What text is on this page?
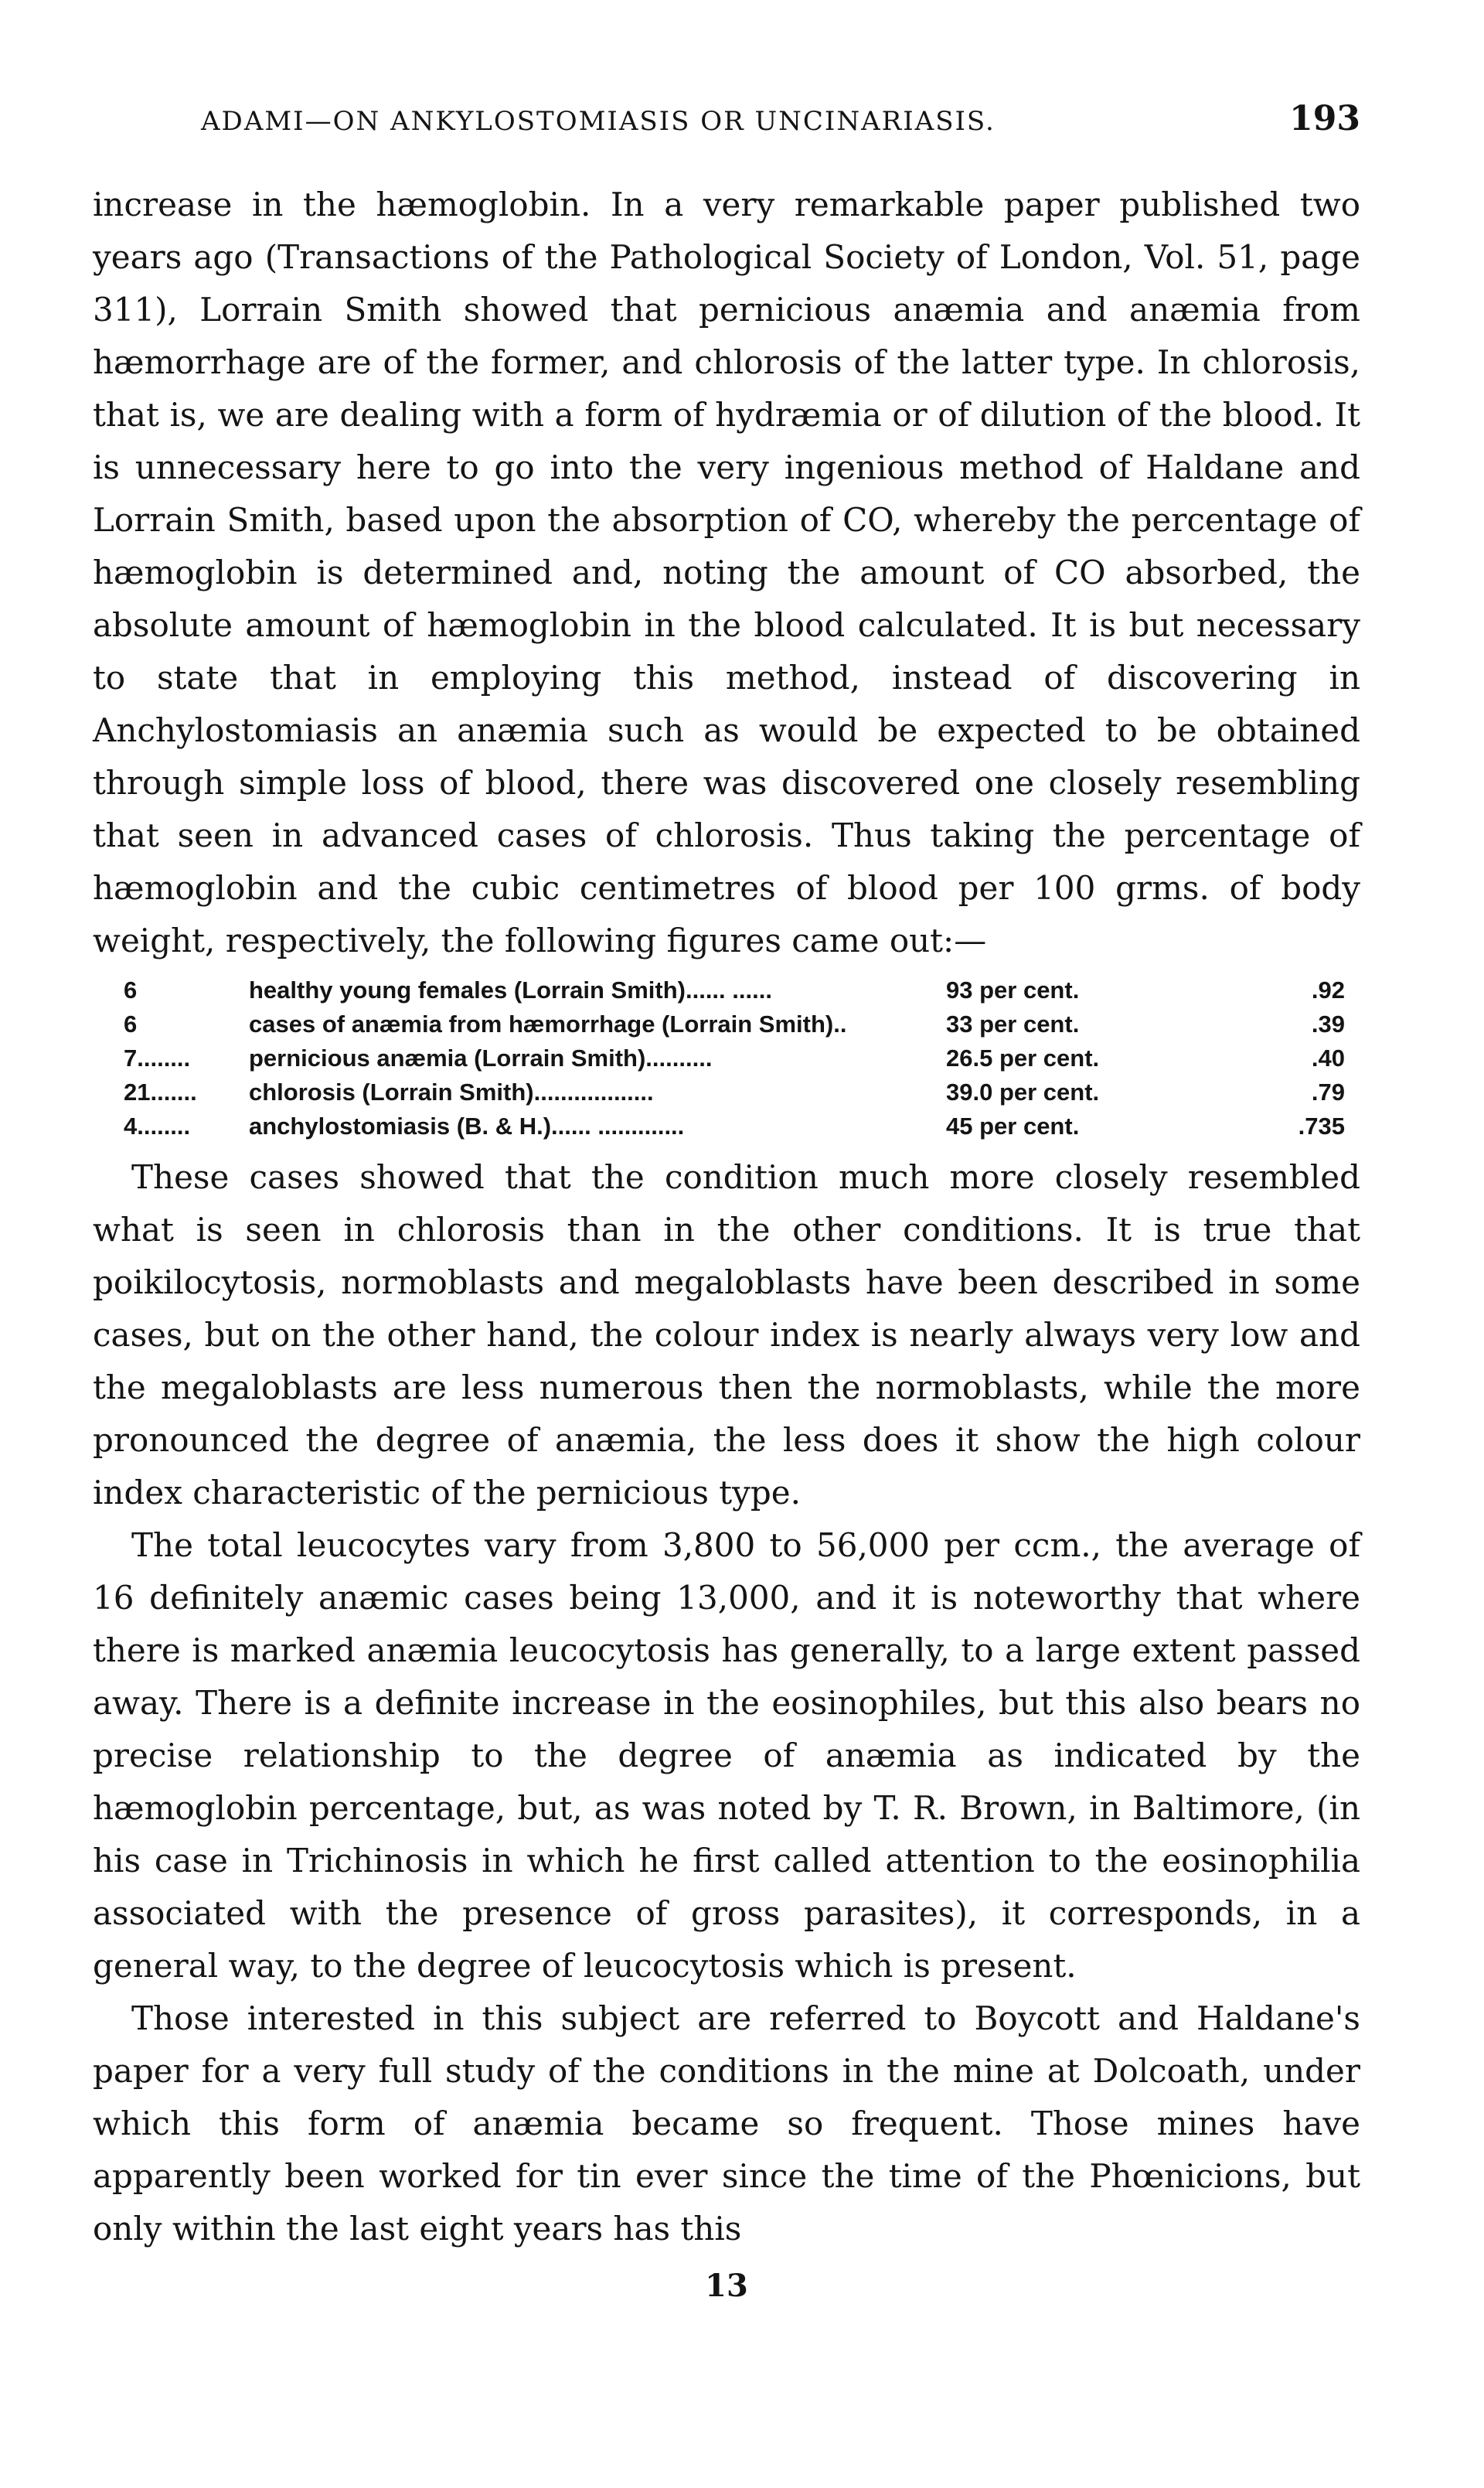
ADAMI—ON ANKYLOSTOMIASIS OR UNCINARIASIS.	193

increase in the hæmoglobin. In a very remarkable paper published two years ago (Transactions of the Pathological Society of London, Vol. 51, page 311), Lorrain Smith showed that pernicious anæmia and anæmia from hæmorrhage are of the former, and chlorosis of the latter type. In chlorosis, that is, we are dealing with a form of hydræmia or of dilution of the blood. It is unnecessary here to go into the very ingenious method of Haldane and Lorrain Smith, based upon the absorption of CO, whereby the percentage of hæmoglobin is determined and, noting the amount of CO absorbed, the absolute amount of hæmoglobin in the blood calculated. It is but necessary to state that in employing this method, instead of discovering in Anchylostomiasis an anæmia such as would be expected to be obtained through simple loss of blood, there was discovered one closely resembling that seen in advanced cases of chlorosis. Thus taking the percentage of hæmoglobin and the cubic centimetres of blood per 100 grms. of body weight, respectively, the following figures came out:—

6	healthy young females (Lorrain Smith)...... ......	93 per cent.	.92
6	cases of anæmia from hæmorrhage (Lorrain Smith)..	33 per cent.	.39
7........	pernicious anæmia (Lorrain Smith)..........	26.5 per cent.	.40
21.......	chlorosis (Lorrain Smith)..................	39.0 per cent.	.79
4........	anchylostomiasis (B. & H.)...... .............	45 per cent.	.735

These cases showed that the condition much more closely resembled what is seen in chlorosis than in the other conditions. It is true that poikilocytosis, normoblasts and megaloblasts have been described in some cases, but on the other hand, the colour index is nearly always very low and the megaloblasts are less numerous then the normoblasts, while the more pronounced the degree of anæmia, the less does it show the high colour index characteristic of the pernicious type.

The total leucocytes vary from 3,800 to 56,000 per ccm., the average of 16 definitely anæmic cases being 13,000, and it is noteworthy that where there is marked anæmia leucocytosis has generally, to a large extent passed away. There is a definite increase in the eosinophiles, but this also bears no precise relationship to the degree of anæmia as indicated by the hæmoglobin percentage, but, as was noted by T. R. Brown, in Baltimore, (in his case in Trichinosis in which he first called attention to the eosinophilia associated with the presence of gross parasites), it corresponds, in a general way, to the degree of leucocytosis which is present.

Those interested in this subject are referred to Boycott and Haldane's paper for a very full study of the conditions in the mine at Dolcoath, under which this form of anæmia became so frequent. Those mines have apparently been worked for tin ever since the time of the Phœnicions, but only within the last eight years has this

13
